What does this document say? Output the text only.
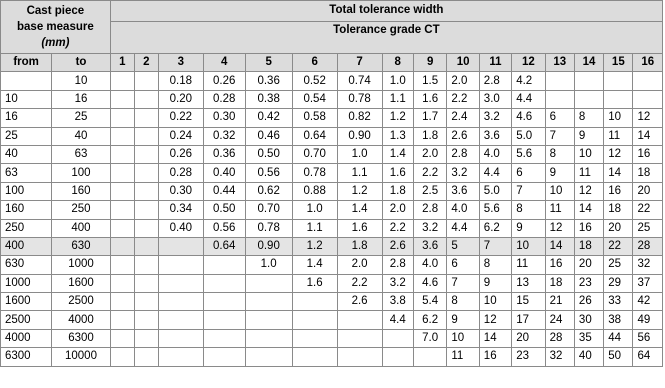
Cast piece
base measure
(mm)		Total tolerance width															
		Tolerance grade CT															
from	to	1	2	3	4	5	6	7	8	9	10	11	12	13	14	15	16
	10			0.18	0.26	0.36	0.52	0.74	1.0	1.5	2.0	2.8	4.2				
10	16			0.20	0.28	0.38	0.54	0.78	1.1	1.6	2.2	3.0	4.4				
16	25			0.22	0.30	0.42	0.58	0.82	1.2	1.7	2.4	3.2	4.6	6	8	10	12
25	40			0.24	0.32	0.46	0.64	0.90	1.3	1.8	2.6	3.6	5.0	7	9	11	14
40	63			0.26	0.36	0.50	0.70	1.0	1.4	2.0	2.8	4.0	5.6	8	10	12	16
63	100			0.28	0.40	0.56	0.78	1.1	1.6	2.2	3.2	4.4	6	9	11	14	18
100	160			0.30	0.44	0.62	0.88	1.2	1.8	2.5	3.6	5.0	7	10	12	16	20
160	250			0.34	0.50	0.70	1.0	1.4	2.0	2.8	4.0	5.6	8	11	14	18	22
250	400			0.40	0.56	0.78	1.1	1.6	2.2	3.2	4.4	6.2	9	12	16	20	25
400	630				0.64	0.90	1.2	1.8	2.6	3.6	5	7	10	14	18	22	28
630	1000					1.0	1.4	2.0	2.8	4.0	6	8	11	16	20	25	32
1000	1600						1.6	2.2	3.2	4.6	7	9	13	18	23	29	37
1600	2500							2.6	3.8	5.4	8	10	15	21	26	33	42
2500	4000								4.4	6.2	9	12	17	24	30	38	49
4000	6300									7.0	10	14	20	28	35	44	56
6300	10000										11	16	23	32	40	50	64
